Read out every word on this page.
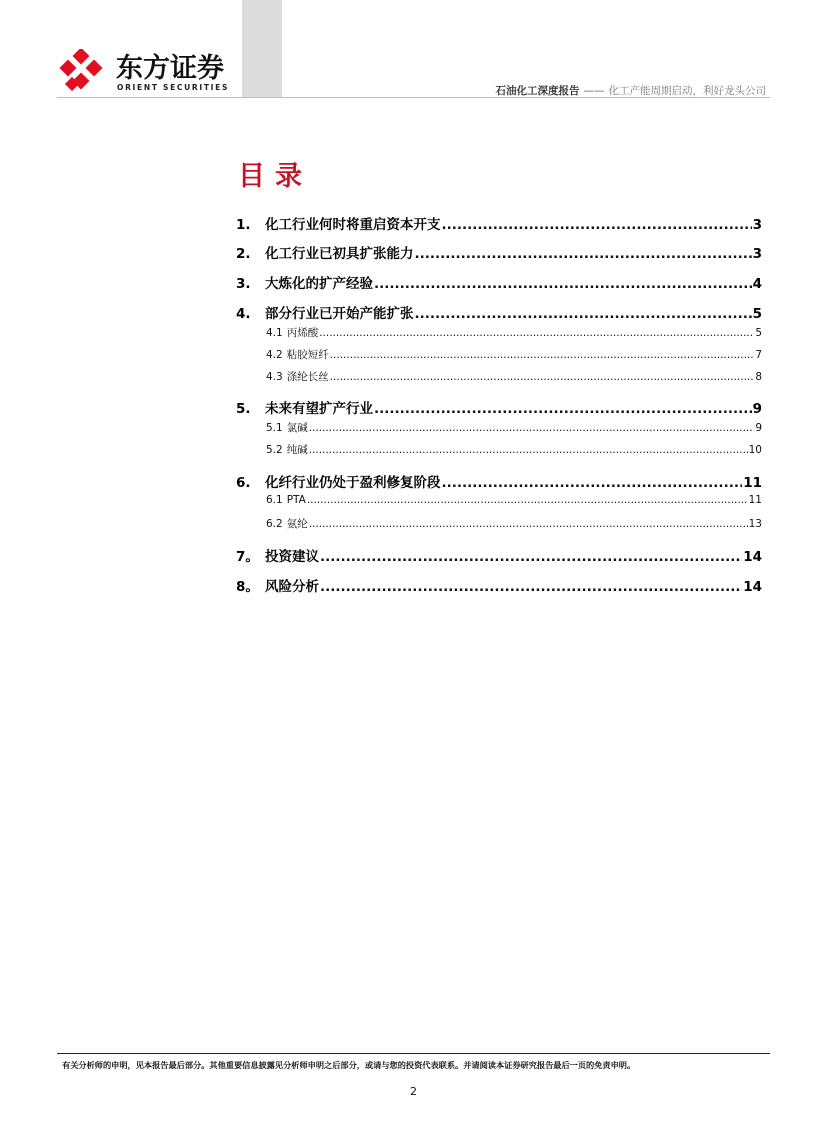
东方证券
ORIENT SECURITIES	石油化工深度报告 —— 化工产能周期启动，利好龙头公司
目录
1.	化工行业何时将重启资本开支 .....	3
2.	化工行业已初具扩张能力 .....	3
3.	大炼化的扩产经验 .....	4
4.	部分行业已开始产能扩张 .....	5
4.1 丙烯酸 .....	5
4.2 粘胶短纤 .....	7
4.3 涤纶长丝 .....	8
5.	未来有望扩产行业 .....	9
5.1 氯碱 .....	9
5.2 纯碱 .....	10
6.	化纤行业仍处于盈利修复阶段 .....	11
6.1 PTA .....	11
6.2 氨纶 .....	13
7。 投资建议 .....	14
8。 风险分析 .....	14
有关分析师的申明，见本报告最后部分。其他重要信息披露见分析师申明之后部分，或请与您的投资代表联系。并请阅读本证券研究报告最后一页的免责申明。
2
